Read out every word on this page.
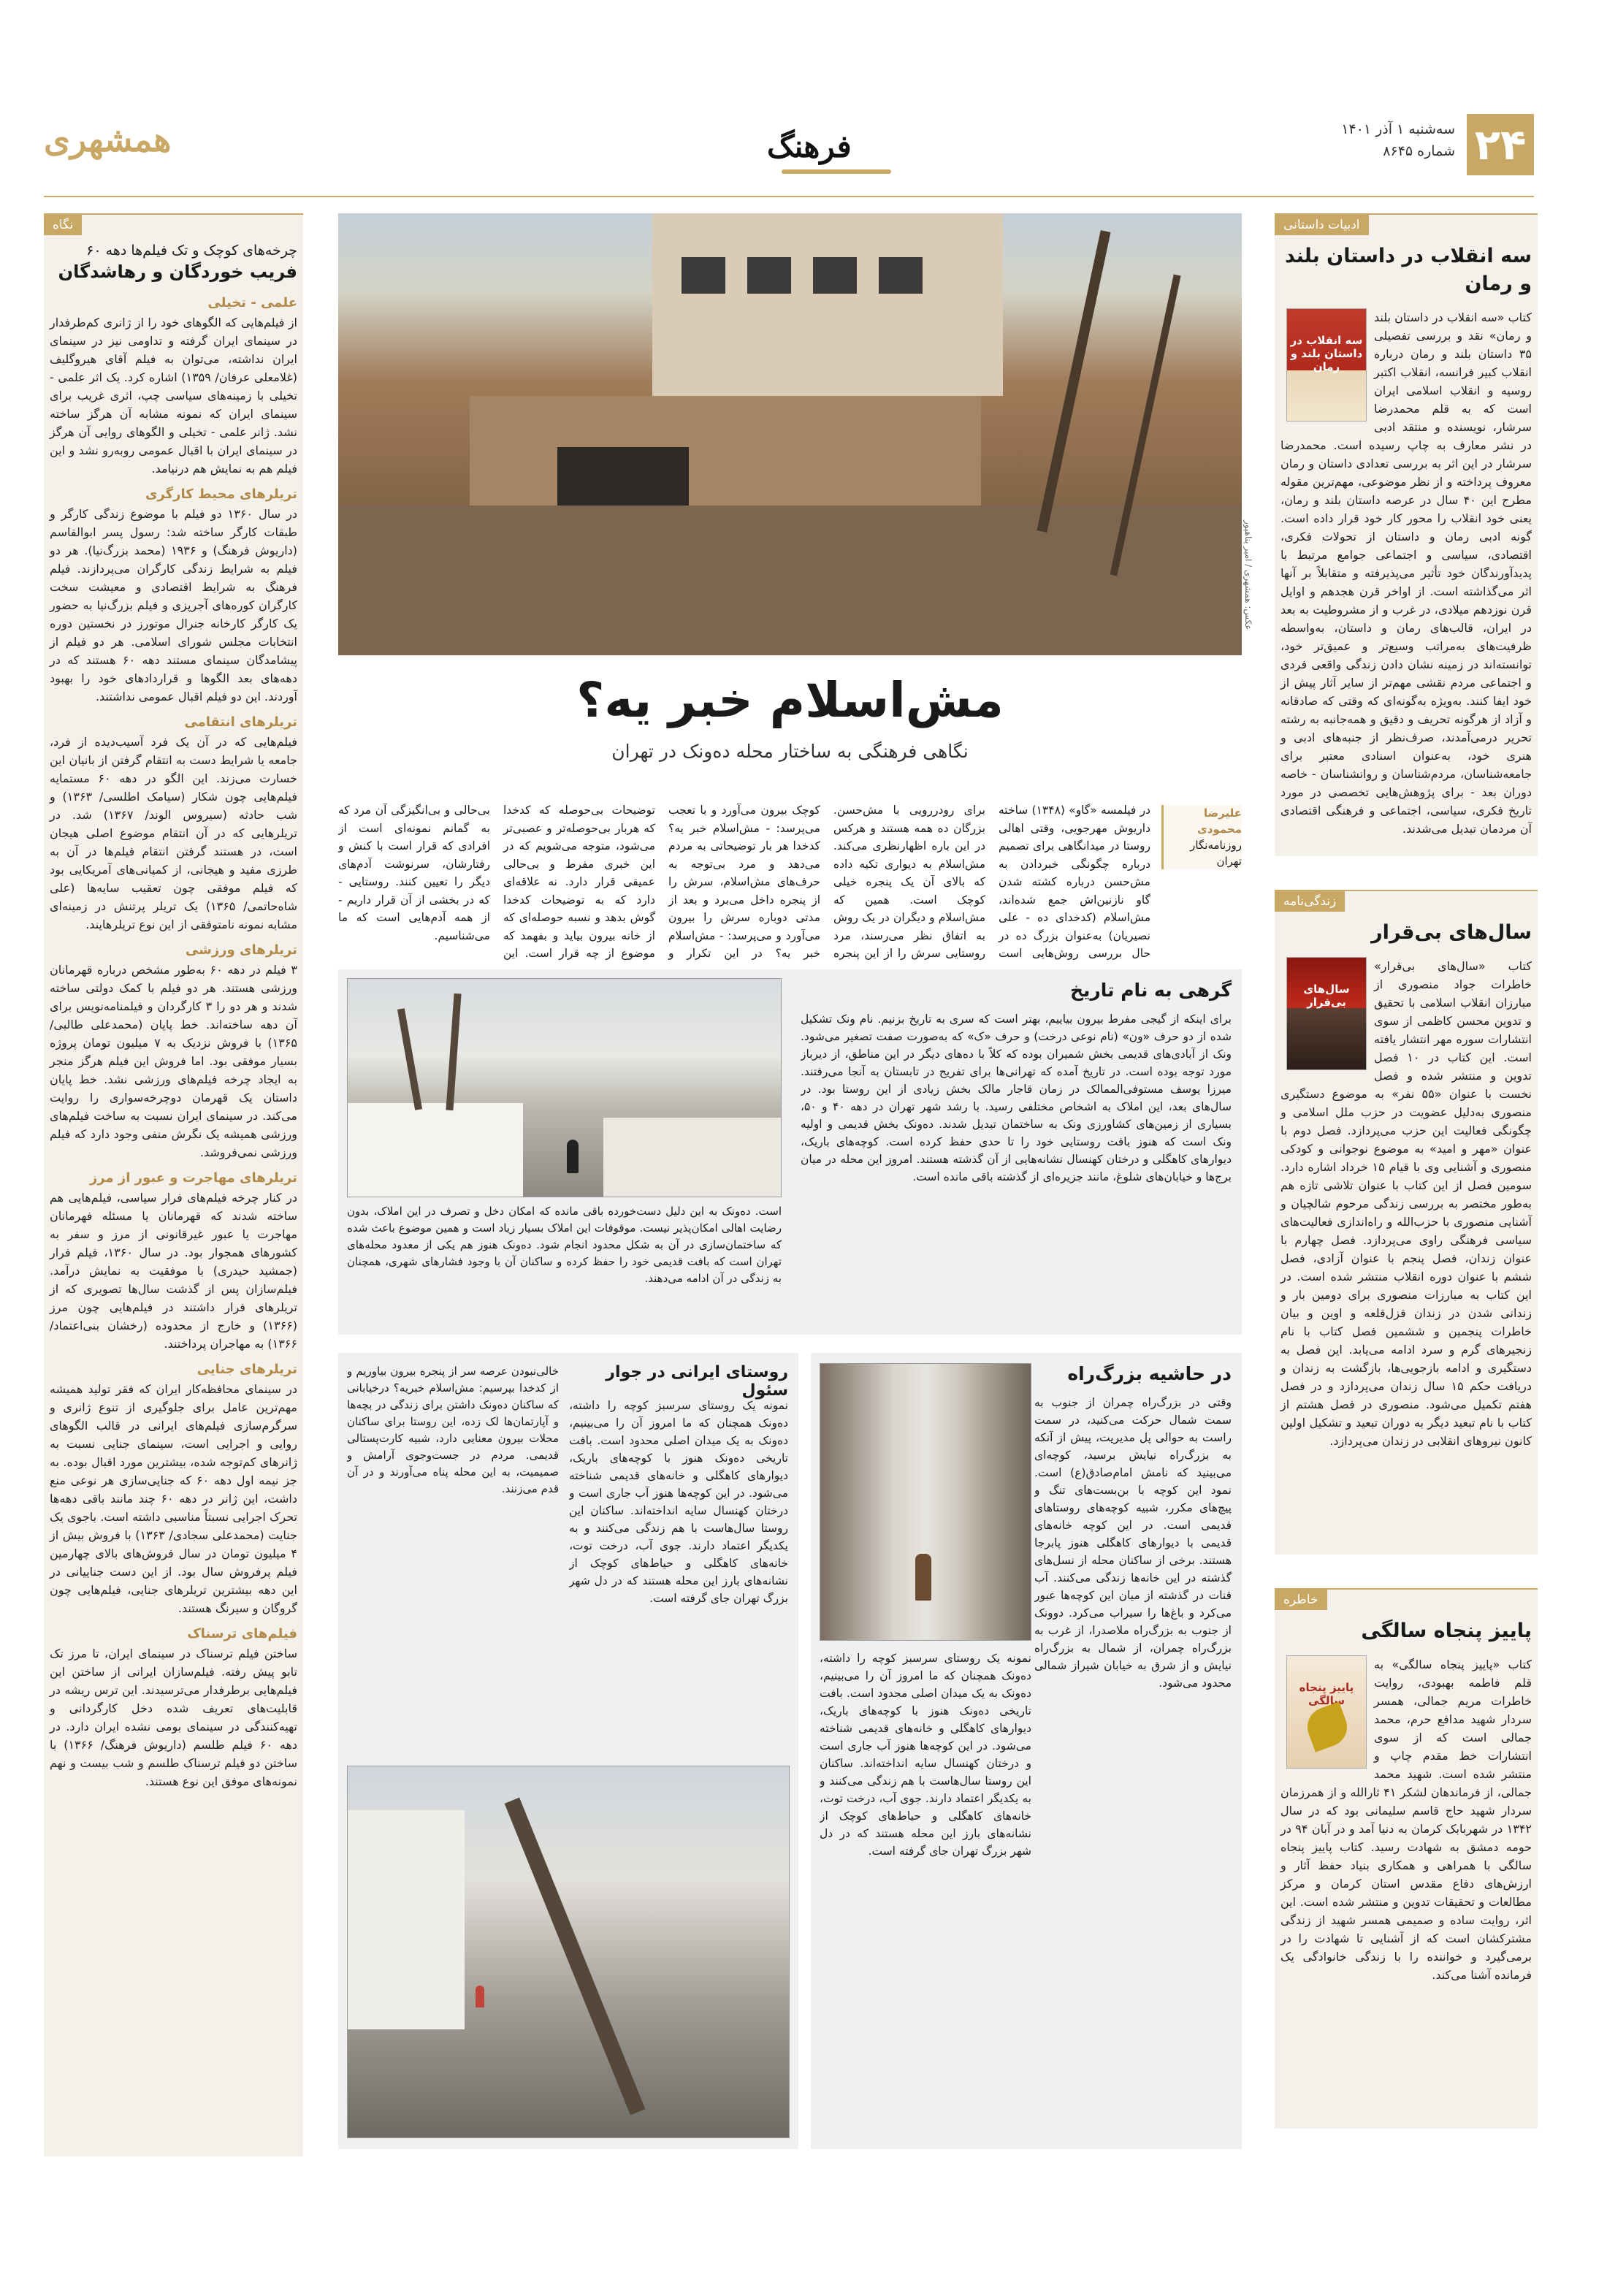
۲۴
سه‌شنبه ۱ آذر ۱۴۰۱
شماره ۸۶۴۵
فرهنگ
همشهری
ادبیات داستانی
سه انقلاب در داستان بلند و رمان
سه انقلاب در داستان بلند و رمان
کتاب «سه انقلاب در داستان بلند و رمان» نقد و بررسی تفصیلی ۳۵ داستان بلند و رمان درباره انقلاب کبیر فرانسه، انقلاب اکتبر روسیه و انقلاب اسلامی ایران است که به قلم محمدرضا سرشار، نویسنده و منتقد ادبی در نشر معارف به چاپ رسیده است. محمدرضا سرشار در این اثر به بررسی تعدادی داستان و رمان معروف پرداخته و از نظر موضوعی، مهم‌ترین مقوله مطرح این ۴۰ سال در عرصه داستان بلند و رمان، یعنی خود انقلاب را محور کار خود قرار داده است. گونه ادبی رمان و داستان از تحولات فکری، اقتصادی، سیاسی و اجتماعی جوامع مرتبط با پدیدآورندگان خود تأثیر می‌پذیرفته و متقابلاً بر آنها اثر می‌گذاشته است. از اواخر قرن هجدهم و اوایل قرن نوزدهم میلادی، در غرب و از مشروطیت به بعد در ایران، قالب‌های رمان و داستان، به‌واسطه ظرفیت‌های به‌مراتب وسیع‌تر و عمیق‌تر خود، توانسته‌اند در زمینه نشان دادن زندگی واقعی فردی و اجتماعی مردم نقشی مهم‌تر از سایر آثار پیش از خود ایفا کنند. به‌ویژه به‌گونه‌ای که وقتی که صادقانه و آزاد از هرگونه تحریف و دقیق و همه‌جانبه به رشته تحریر درمی‌آمدند، صرف‌نظر از جنبه‌های ادبی و هنری خود، به‌عنوان اسنادی معتبر برای جامعه‌شناسان، مردم‌شناسان و روانشناسان - خاصه دوران بعد - برای پژوهش‌هایی تخصصی در مورد تاریخ فکری، سیاسی، اجتماعی و فرهنگی اقتصادی آن مردمان تبدیل می‌شدند.
زندگی‌نامه
سال‌های بی‌قرار
سال‌های بی‌قرار
کتاب «سال‌های بی‌قرار» خاطرات جواد منصوری از مبارزان انقلاب اسلامی با تحقیق و تدوین محسن کاظمی از سوی انتشارات سوره مهر انتشار یافته است. این کتاب در ۱۰ فصل تدوین و منتشر شده و فصل نخست با عنوان «۵۵ نفر» به موضوع دستگیری منصوری به‌دلیل عضویت در حزب ملل اسلامی و چگونگی فعالیت این حزب می‌پردازد. فصل دوم با عنوان «مهر و امید» به موضوع نوجوانی و کودکی منصوری و آشنایی وی با قیام ۱۵ خرداد اشاره دارد. سومین فصل از این کتاب با عنوان تلاشی تازه هم به‌طور مختصر به بررسی زندگی مرحوم شالچیان و آشنایی منصوری با حزب‌الله و راه‌اندازی فعالیت‌های سیاسی فرهنگی راوی می‌پردازد. فصل چهارم با عنوان زندان، فصل پنجم با عنوان آزادی، فصل ششم با عنوان دوره انقلاب منتشر شده است. در این کتاب به مبارزات منصوری برای دومین بار و زندانی شدن در زندان قزل‌قلعه و اوین و بیان خاطرات پنجمین و ششمین فصل کتاب با نام زنجیرهای گرم و سرد ادامه می‌یابد. این فصل به دستگیری و ادامه بازجویی‌ها، بازگشت به زندان و دریافت حکم ۱۵ سال زندان می‌پردازد و در فصل هفتم تکمیل می‌شود. منصوری در فصل هشتم از کتاب با نام تبعید دیگر به دوران تبعید و تشکیل اولین کانون نیروهای انقلابی در زندان می‌پردازد.
خاطره
پاییز پنجاه سالگی
پاییز پنجاه سالگی
کتاب «پاییز پنجاه سالگی» به قلم فاطمه بهبودی، روایت خاطرات مریم جمالی، همسر سردار شهید مدافع حرم، محمد جمالی است که از سوی انتشارات خط مقدم چاپ و منتشر شده است. شهید محمد جمالی، از فرماندهان لشکر ۴۱ ثارالله و از همرزمان سردار شهید حاج قاسم سلیمانی بود که در سال ۱۳۴۲ در شهربابک کرمان به دنیا آمد و در آبان ۹۴ در حومه دمشق به شهادت رسید. کتاب پاییز پنجاه سالگی با همراهی و همکاری بنیاد حفظ آثار و ارزش‌های دفاع مقدس استان کرمان و مرکز مطالعات و تحقیقات تدوین و منتشر شده است. این اثر، روایت ساده و صمیمی همسر شهید از زندگی مشترکشان است که از آشنایی تا شهادت را در برمی‌گیرد و خواننده را با زندگی خانوادگی یک فرمانده آشنا می‌کند.
نگاه
چرخه‌های کوچک و تک فیلم‌ها دهه ۶۰
فریب خوردگان و رهاشدگان
علمی - تخیلی
از فیلم‌هایی که الگوهای خود را از ژانری کم‌طرفدار در سینمای ایران گرفته و تداومی نیز در سینمای ایران نداشته، می‌توان به فیلم آقای هیروگلیف (غلامعلی عرفان/ ۱۳۵۹) اشاره کرد. یک اثر علمی - تخیلی با زمینه‌های سیاسی چپ، اثری غریب برای سینمای ایران که نمونه مشابه آن هرگز ساخته نشد. ژانر علمی - تخیلی و الگوهای روایی آن هرگز در سینمای ایران با اقبال عمومی روبه‌رو نشد و این فیلم هم به نمایش هم درنیامد.
تریلرهای محیط کارگری
در سال ۱۳۶۰ دو فیلم با موضوع زندگی کارگر و طبقات کارگر ساخته شد: رسول پسر ابوالقاسم (داریوش فرهنگ) و ۱۹۳۶ (محمد بزرگ‌نیا). هر دو فیلم به شرایط زندگی کارگران می‌پردازند. فیلم فرهنگ به شرایط اقتصادی و معیشت سخت کارگران کوره‌های آجرپزی و فیلم بزرگ‌نیا به حضور یک کارگر کارخانه جنرال موتورز در نخستین دوره انتخابات مجلس شورای اسلامی. هر دو فیلم از پیشامدگان سینمای مستند دهه ۶۰ هستند که در دهه‌های بعد الگوها و قراردادهای خود را بهبود آوردند. این دو فیلم اقبال عمومی نداشتند.
تریلرهای انتقامی
فیلم‌هایی که در آن یک فرد آسیب‌دیده از فرد، جامعه یا شرایط دست به انتقام گرفتن از بانیان این خسارت می‌زند. این الگو در دهه ۶۰ مستمایه فیلم‌هایی چون شکار (سیامک اطلسی/ ۱۳۶۳) و شب حادثه (سیروس الوند/ ۱۳۶۷) شد. در تریلرهایی که در آن انتقام موضوع اصلی هیجان است، در هستند گرفتن انتقام فیلم‌ها در آن به طرزی مفید و هیجانی، از کمپانی‌های آمریکایی بود که فیلم موفقی چون تعقیب سایه‌ها (علی شاه‌حاتمی/ ۱۳۶۵) یک تریلر پرتنش در زمینه‌ای مشابه نمونه نامتوفقی از این نوع تریلرهایند.
تریلرهای ورزشی
۳ فیلم در دهه ۶۰ به‌طور مشخص درباره قهرمانان ورزشی هستند. هر دو فیلم با کمک دولتی ساخته شدند و هر دو را ۳ کارگردان و فیلمنامه‌نویس برای آن دهه ساخته‌اند. خط پایان (محمدعلی طالبی/ ۱۳۶۵) با فروش نزدیک به ۷ میلیون تومان پروژه بسیار موفقی بود. اما فروش این فیلم هرگز منجر به ایجاد چرخه فیلم‌های ورزشی نشد. خط پایان داستان یک قهرمان دوچرخه‌سواری را روایت می‌کند. در سینمای ایران نسبت به ساخت فیلم‌های ورزشی همیشه یک نگرش منفی وجود دارد که فیلم ورزشی نمی‌فروشد.
تریلرهای مهاجرت و عبور از مرز
در کنار چرخه فیلم‌های فرار سیاسی، فیلم‌هایی هم ساخته شدند که قهرمانان یا مسئله فهرمانان مهاجرت یا عبور غیرقانونی از مرز و سفر به کشورهای همجوار بود. در سال ۱۳۶۰، فیلم فرار (جمشید حیدری) با موفقیت به نمایش درآمد. فیلم‌سازان پس از گذشت سال‌ها تصویری که از تریلرهای فرار داشتند در فیلم‌هایی چون مرز (۱۳۶۶) و خارج از محدوده (رخشان بنی‌اعتماد/ ۱۳۶۶) به مهاجران پرداختند.
تریلرهای جنایی
در سینمای محافظه‌کار ایران که فقر تولید همیشه مهم‌ترین عامل برای جلوگیری از تنوع ژانری و سرگرم‌سازی فیلم‌های ایرانی در قالب الگوهای روایی و اجرایی است، سینمای جنایی نسبت به ژانرهای کم‌توجه شده، بیشترین مورد اقبال بوده. به جز نیمه اول دهه ۶۰ که جنایی‌سازی هر نوعی منع داشت، این ژانر در دهه ۶۰ چند مانند باقی دهه‌ها تحرک اجرایی نسبتاً مناسبی داشته است. باجوی یک جنایت (محمدعلی سجادی/ ۱۳۶۳) با فروش بیش از ۴ میلیون تومان در سال فروش‌های بالای چهارمین فیلم پرفروش سال بود. از این دست جناییانی در این دهه بیشترین تریلرهای جنایی، فیلم‌هایی چون گروگان و سیرنگ هستند.
فیلم‌های ترسناک
ساختن فیلم ترسناک در سینمای ایران، تا مرز تک تابو پیش رفته. فیلم‌سازان ایرانی از ساختن این فیلم‌هایی برطرفدار می‌ترسیدند. این ترس ریشه در قابلیت‌های تعریف شده دخل کارگردانی و تهیه‌کنندگی در سینمای بومی نشده ایران دارد. در دهه ۶۰ فیلم طلسم (داریوش فرهنگ/ ۱۳۶۶) با ساختن دو فیلم ترسناک طلسم و شب بیست و نهم نمونه‌های موفق این نوع هستند.
عکس: همشهری / امیر پناهپور
مش‌اسلام خبر یه؟
نگاهی فرهنگی به ساختار محله ده‌ونک در تهران
علیرضا محمودی
روزنامه‌نگار
تهران
در فیلمسه «گاو» (۱۳۴۸) ساخته داریوش مهرجویی، وقتی اهالی روستا در میدانگاهی برای تصمیم درباره چگونگی خبردادن به مش‌حسن درباره کشته شدن گاو نازنین‌اش جمع شده‌اند، مش‌اسلام (کدخدای ده - علی نصیریان) به‌عنوان بزرگ ده در حال بررسی روش‌هایی است برای رودررویی با مش‌حسن. بزرگان ده همه هستند و هرکس در این باره اظهارنظری می‌کند. مش‌اسلام به دیواری تکیه داده که بالای آن یک پنجره خیلی کوچک است. همین که مش‌اسلام و دیگران در یک روش به اتفاق نظر می‌رسند، مرد روستایی سرش را از این پنجره کوچک بیرون می‌آورد و با تعجب می‌پرسد: - مش‌اسلام خبر یه؟ کدخدا هر بار توضیحاتی به مردم می‌دهد و مرد بی‌توجه به حرف‌های مش‌اسلام، سرش را از پنجره داخل می‌برد و بعد از مدتی دوباره سرش را بیرون می‌آورد و می‌پرسد: - مش‌اسلام خبر یه؟ در این تکرار و توضیحات بی‌حوصله که کدخدا که هربار بی‌حوصله‌تر و عصبی‌تر می‌شود، متوجه می‌شویم که در این خبری مفرط و بی‌حالی عمیقی قرار دارد. نه علاقه‌ای دارد که به توضیحات کدخدا گوش بدهد و نسبه حوصله‌ای که از خانه بیرون بیاید و بفهمد که موضوع از چه قرار است. این بی‌حالی و بی‌انگیزگی آن مرد که به گمانم نمونه‌ای است از افرادی که قرار است با کنش و رفتارشان، سرنوشت آدم‌های دیگر را تعیین کنند. روستایی - که در بخشی از آن قرار داریم - از همه آدم‌هایی است که ما می‌شناسیم.
گرهی به نام تاریخ
برای اینکه از گیجی مفرط بیرون بیاییم، بهتر است که سری به تاریخ بزنیم. نام ونک تشکیل شده از دو حرف «ون» (نام نوعی درخت) و حرف «ک» که به‌صورت صفت تصغیر می‌شود. ونک از آبادی‌های قدیمی بخش شمیران بوده که کلاً با ده‌های دیگر در این مناطق، از دیرباز مورد توجه بوده است. در تاریخ آمده که تهرانی‌ها برای تفریح در تابستان به آنجا می‌رفتند. میرزا یوسف مستوفی‌الممالک در زمان قاجار مالک بخش زیادی از این روستا بود. در سال‌های بعد، این املاک به اشخاص مختلفی رسید. با رشد شهر تهران در دهه ۴۰ و ۵۰، بسیاری از زمین‌های کشاورزی ونک به ساختمان تبدیل شدند. ده‌ونک بخش قدیمی و اولیه ونک است که هنوز بافت روستایی خود را تا حدی حفظ کرده است. کوچه‌های باریک، دیوارهای کاهگلی و درختان کهنسال نشانه‌هایی از آن گذشته هستند. امروز این محله در میان برج‌ها و خیابان‌های شلوغ، مانند جزیره‌ای از گذشته باقی مانده است.
است. ده‌ونک به این دلیل دست‌خورده باقی مانده که امکان دخل و تصرف در این املاک، بدون رضایت اهالی امکان‌پذیر نیست. موقوفات این املاک بسیار زیاد است و همین موضوع باعث شده که ساختمان‌سازی در آن به شکل محدود انجام شود. ده‌ونک هنوز هم یکی از معدود محله‌های تهران است که بافت قدیمی خود را حفظ کرده و ساکنان آن با وجود فشارهای شهری، همچنان به زندگی در آن ادامه می‌دهند.
در حاشیه بزرگ‌راه
وقتی در بزرگ‌راه چمران از جنوب به سمت شمال حرکت می‌کنید، در سمت راست به حوالی پل مدیریت، پیش از آنکه به بزرگ‌راه نیایش برسید، کوچه‌ای می‌بینید که نامش امام‌صادق(ع) است. نمود این کوچه با بن‌بست‌های تنگ و پیچ‌های مکرر، شبیه کوچه‌های روستاهای قدیمی است. در این کوچه خانه‌های قدیمی با دیوارهای کاهگلی هنوز پابرجا هستند. برخی از ساکنان محله از نسل‌های گذشته در این خانه‌ها زندگی می‌کنند. آب قنات در گذشته از میان این کوچه‌ها عبور می‌کرد و باغ‌ها را سیراب می‌کرد. دوونک از جنوب به بزرگ‌راه ملاصدرا، از غرب به بزرگ‌راه چمران، از شمال به بزرگ‌راه نیایش و از شرق به خیابان شیراز شمالی محدود می‌شود.
نمونه یک روستای سرسبز کوچه را داشته، ده‌ونک همچنان که ما امروز آن را می‌بینیم، ده‌ونک به یک میدان اصلی محدود است. بافت تاریخی ده‌ونک هنوز با کوچه‌های باریک، دیوارهای کاهگلی و خانه‌های قدیمی شناخته می‌شود. در این کوچه‌ها هنوز آب جاری است و درختان کهنسال سایه انداخته‌اند. ساکنان این روستا سال‌هاست با هم زندگی می‌کنند و به یکدیگر اعتماد دارند. جوی آب، درخت توت، خانه‌های کاهگلی و حیاط‌های کوچک از نشانه‌های بارز این محله هستند که در دل شهر بزرگ تهران جای گرفته است.
روستای ایرانی در جوار سئول
نمونه یک روستای سرسبز کوچه را داشته، ده‌ونک همچنان که ما امروز آن را می‌بینیم، ده‌ونک به یک میدان اصلی محدود است. بافت تاریخی ده‌ونک هنوز با کوچه‌های باریک، دیوارهای کاهگلی و خانه‌های قدیمی شناخته می‌شود. در این کوچه‌ها هنوز آب جاری است و درختان کهنسال سایه انداخته‌اند. ساکنان این روستا سال‌هاست با هم زندگی می‌کنند و به یکدیگر اعتماد دارند. جوی آب، درخت توت، خانه‌های کاهگلی و حیاط‌های کوچک از نشانه‌های بارز این محله هستند که در دل شهر بزرگ تهران جای گرفته است.
خالی‌نبودن عرصه سر از پنجره بیرون بیاوریم و از کدخدا بپرسیم: مش‌اسلام خبریه؟ درخیابانی که ساکنان ده‌ونک داشتن برای زندگی در بچه‌ها و آپارتمان‌ها لک زده، این روستا برای ساکنان محلات بیرون معنایی دارد، شبیه کارت‌پستالی قدیمی. مردم در جست‌وجوی آرامش و صمیمیت، به این محله پناه می‌آورند و در آن قدم می‌زنند.
